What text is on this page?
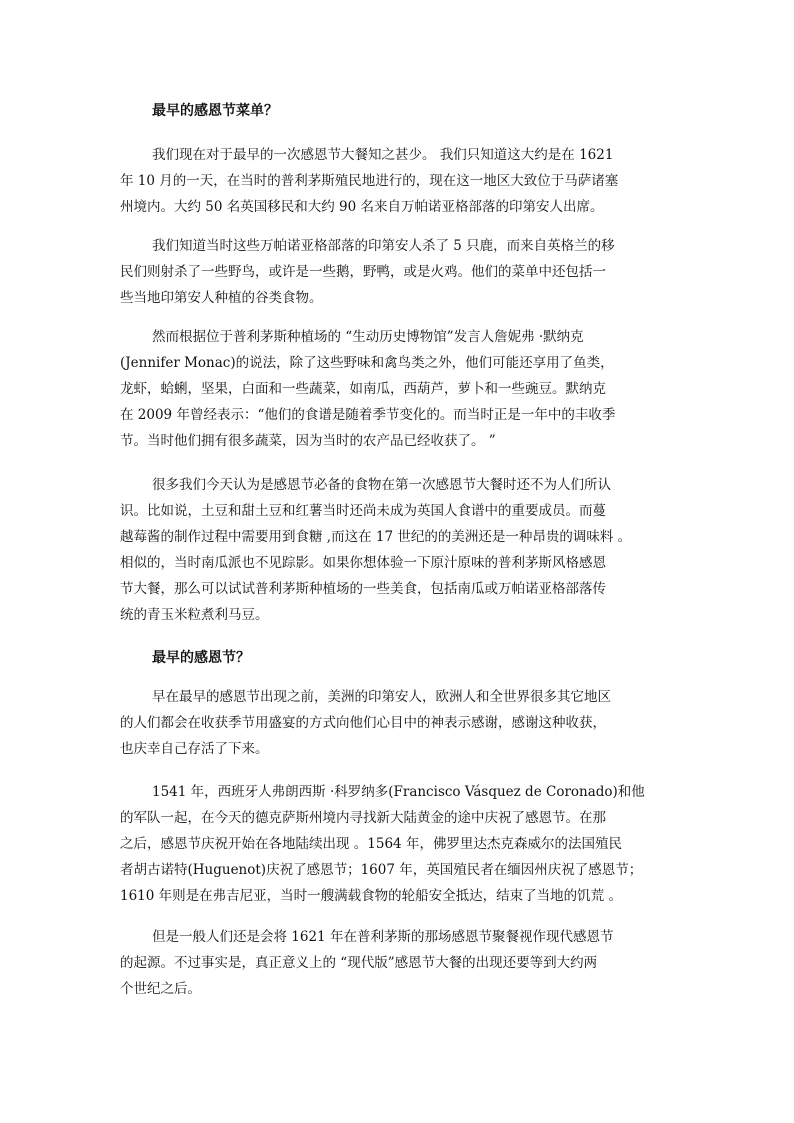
最早的感恩节菜单？
我们现在对于最早的一次感恩节大餐知之甚少。 我们只知道这大约是在 1621
年 10 月的一天，在当时的普利茅斯殖民地进行的，现在这一地区大致位于马萨诸塞
州境内。大约 50 名英国移民和大约 90 名来自万帕诺亚格部落的印第安人出席。
我们知道当时这些万帕诺亚格部落的印第安人杀了 5 只鹿，而来自英格兰的移
民们则射杀了一些野鸟，或许是一些鹅，野鸭，或是火鸡。他们的菜单中还包括一
些当地印第安人种植的谷类食物。
然而根据位于普利茅斯种植场的 “生动历史博物馆”发言人詹妮弗 ·默纳克
(Jennifer Monac)的说法，除了这些野味和禽鸟类之外，他们可能还享用了鱼类，
龙虾，蛤蜊，坚果，白面和一些蔬菜，如南瓜，西葫芦，萝卜和一些豌豆。默纳克
在 2009 年曾经表示：“他们的食谱是随着季节变化的。而当时正是一年中的丰收季
节。当时他们拥有很多蔬菜，因为当时的农产品已经收获了。 ”
很多我们今天认为是感恩节必备的食物在第一次感恩节大餐时还不为人们所认
识。比如说，土豆和甜土豆和红薯当时还尚未成为英国人食谱中的重要成员。而蔓
越莓酱的制作过程中需要用到食糖 ,而这在 17 世纪的的美洲还是一种昂贵的调味料 。
相似的，当时南瓜派也不见踪影。如果你想体验一下原汁原味的普利茅斯风格感恩
节大餐，那么可以试试普利茅斯种植场的一些美食，包括南瓜或万帕诺亚格部落传
统的青玉米粒煮利马豆。
最早的感恩节？
早在最早的感恩节出现之前，美洲的印第安人，欧洲人和全世界很多其它地区
的人们都会在收获季节用盛宴的方式向他们心目中的神表示感谢，感谢这种收获，
也庆幸自己存活了下来。
1541 年，西班牙人弗朗西斯 ·科罗纳多(Francisco Vásquez de Coronado)和他
的军队一起，在今天的德克萨斯州境内寻找新大陆黄金的途中庆祝了感恩节。在那
之后，感恩节庆祝开始在各地陆续出现 。1564 年，佛罗里达杰克森威尔的法国殖民
者胡古诺特(Huguenot)庆祝了感恩节；1607 年，英国殖民者在缅因州庆祝了感恩节；
1610 年则是在弗吉尼亚，当时一艘满载食物的轮船安全抵达，结束了当地的饥荒 。
但是一般人们还是会将 1621 年在普利茅斯的那场感恩节聚餐视作现代感恩节
的起源。不过事实是，真正意义上的 “现代版”感恩节大餐的出现还要等到大约两
个世纪之后。
